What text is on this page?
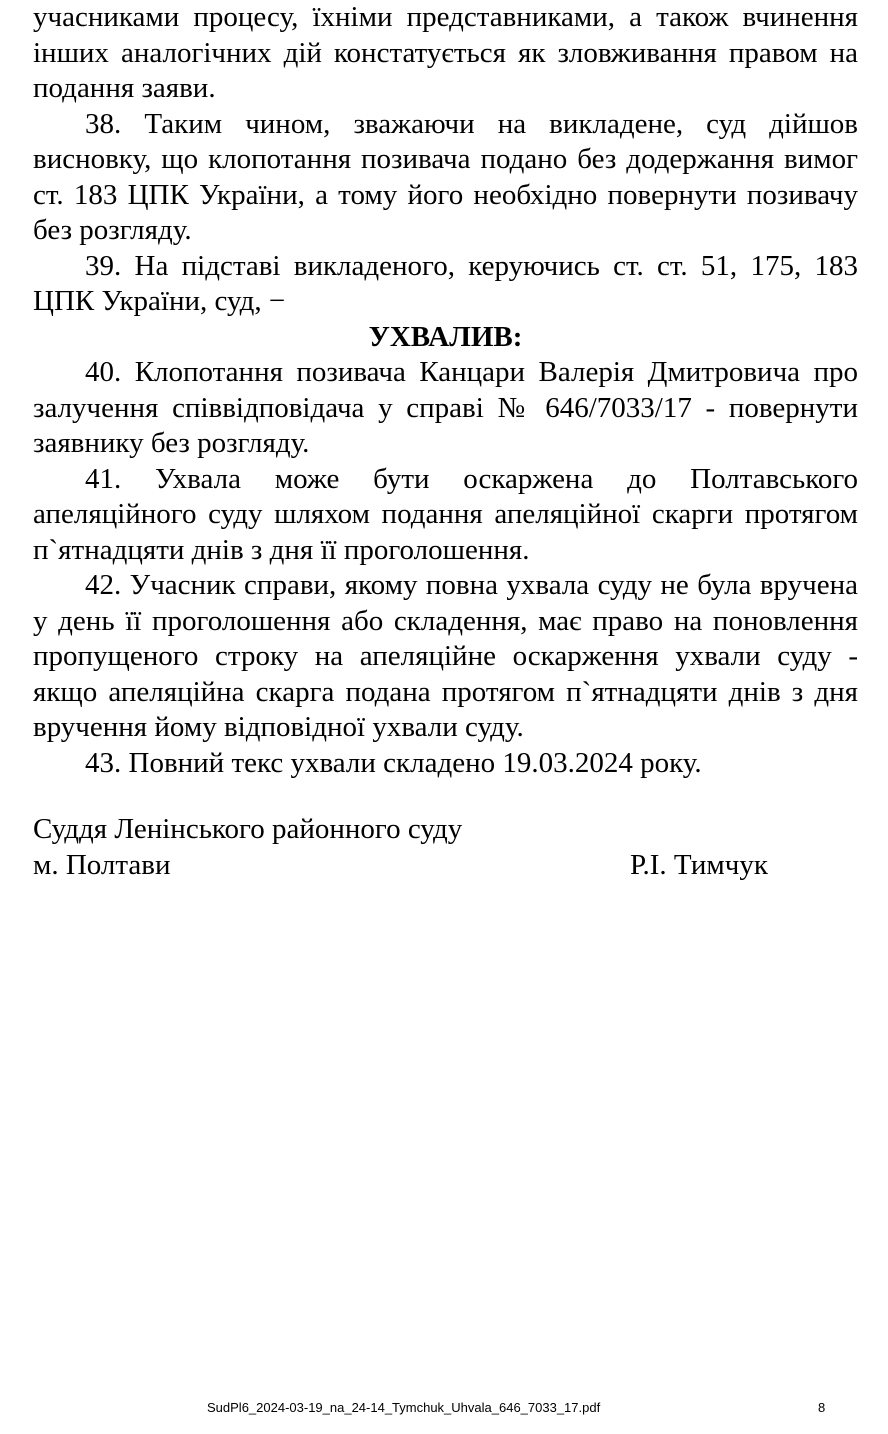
учасниками процесу, їхніми представниками, а також вчинення інших аналогічних дій констатується як зловживання правом на подання заяви.

38. Таким чином, зважаючи на викладене, суд дійшов висновку, що клопотання позивача подано без додержання вимог ст. 183 ЦПК України, а тому його необхідно повернути позивачу без розгляду.

39. На підставі викладеного, керуючись ст. ст. 51, 175, 183 ЦПК України, суд, −

УХВАЛИВ:

40. Клопотання позивача Канцари Валерія Дмитровича про залучення співвідповідача у справі № 646/7033/17 - повернути заявнику без розгляду.

41. Ухвала може бути оскаржена до Полтавського апеляційного суду шляхом подання апеляційної скарги протягом п`ятнадцяти днів з дня її проголошення.

42. Учасник справи, якому повна ухвала суду не була вручена у день її проголошення або складення, має право на поновлення пропущеного строку на апеляційне оскарження ухвали суду - якщо апеляційна скарга подана протягом п`ятнадцяти днів з дня вручення йому відповідної ухвали суду.

43. Повний текс ухвали складено 19.03.2024 року.

Суддя Ленінського районного суду
м. Полтави	Р.І. Тимчук
SudPl6_2024-03-19_na_24-14_Tymchuk_Uhvala_646_7033_17.pdf	8
